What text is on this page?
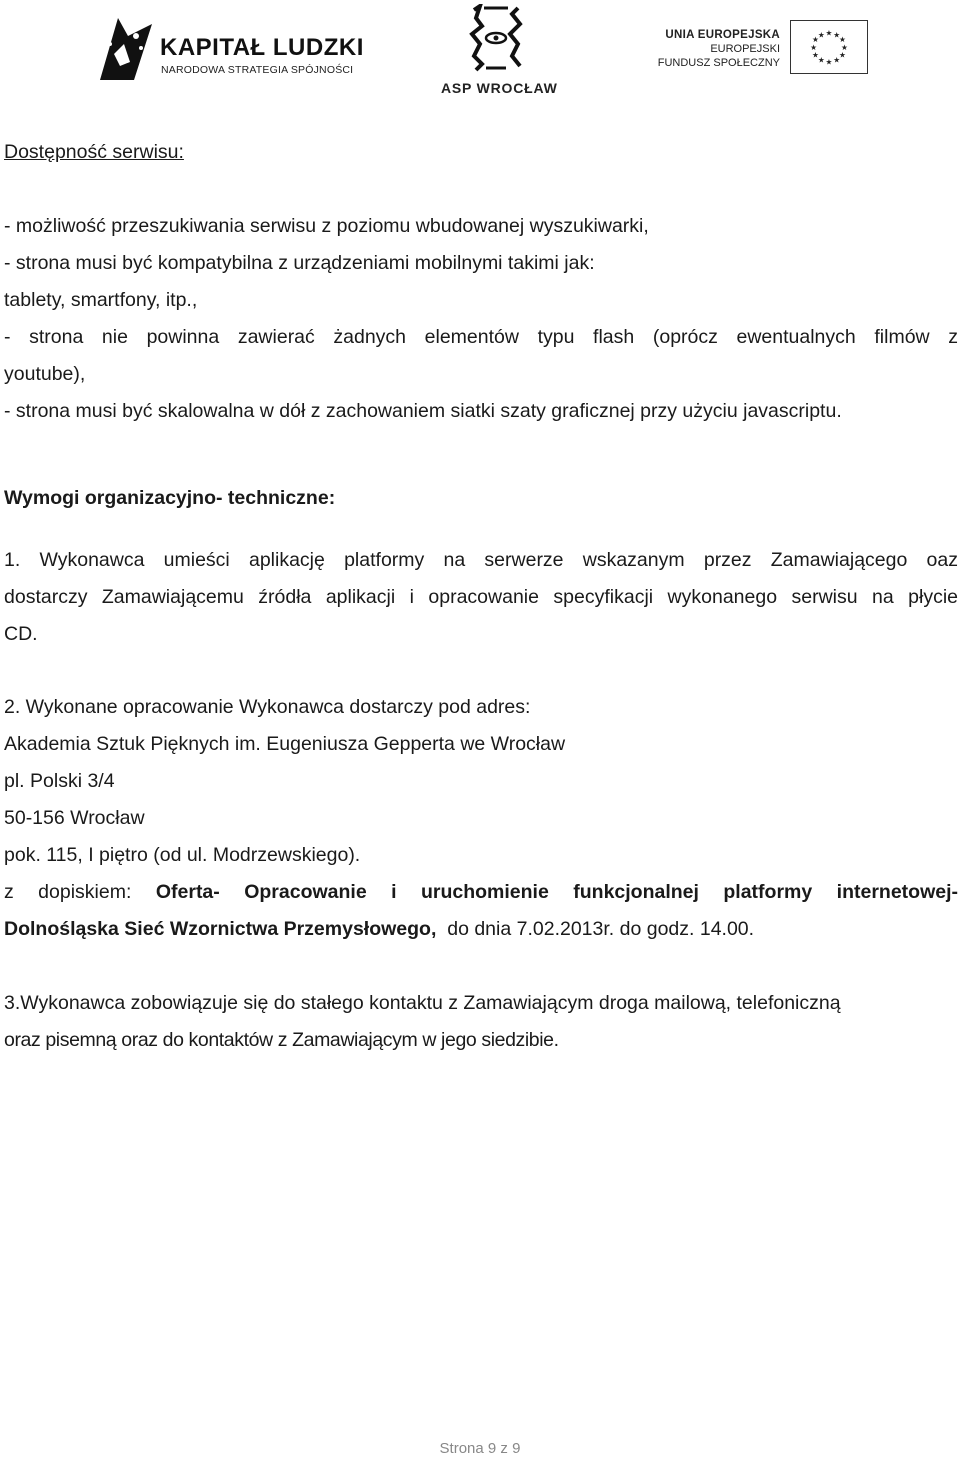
KAPITAŁ LUDZKI
NARODOWA STRATEGIA SPÓJNOŚCI
ASP WROCŁAW
UNIA EUROPEJSKA
EUROPEJSKI
FUNDUSZ SPOŁECZNY
★ ★
★
★
★
★
★
★
★
★
★
★
Dostępność serwisu:
- możliwość przeszukiwania serwisu z poziomu wbudowanej wyszukiwarki,
- strona musi być kompatybilna z urządzeniami mobilnymi takimi jak:
tablety, smartfony, itp.,
- strona nie powinna zawierać żadnych elementów typu flash (oprócz ewentualnych filmów z
youtube),
- strona musi być skalowalna w dół z zachowaniem siatki szaty graficznej przy użyciu javascriptu.
Wymogi organizacyjno- techniczne:
1. Wykonawca umieści aplikację platformy na serwerze wskazanym przez Zamawiającego oaz
dostarczy Zamawiającemu źródła aplikacji i opracowanie specyfikacji wykonanego serwisu na płycie
CD.
2. Wykonane opracowanie Wykonawca dostarczy pod adres:
Akademia Sztuk Pięknych im. Eugeniusza Gepperta we Wrocław
pl. Polski 3/4
50-156 Wrocław
pok. 115, I piętro (od ul. Modrzewskiego).
z dopiskiem: Oferta- Opracowanie i uruchomienie funkcjonalnej platformy internetowej-
Dolnośląska Sieć Wzornictwa Przemysłowego,  do dnia 7.02.2013r. do godz. 14.00.
3.Wykonawca zobowiązuje się do stałego kontaktu z Zamawiającym droga mailową, telefoniczną
oraz pisemną oraz do kontaktów z Zamawiającym w jego siedzibie.
Strona 9 z 9
